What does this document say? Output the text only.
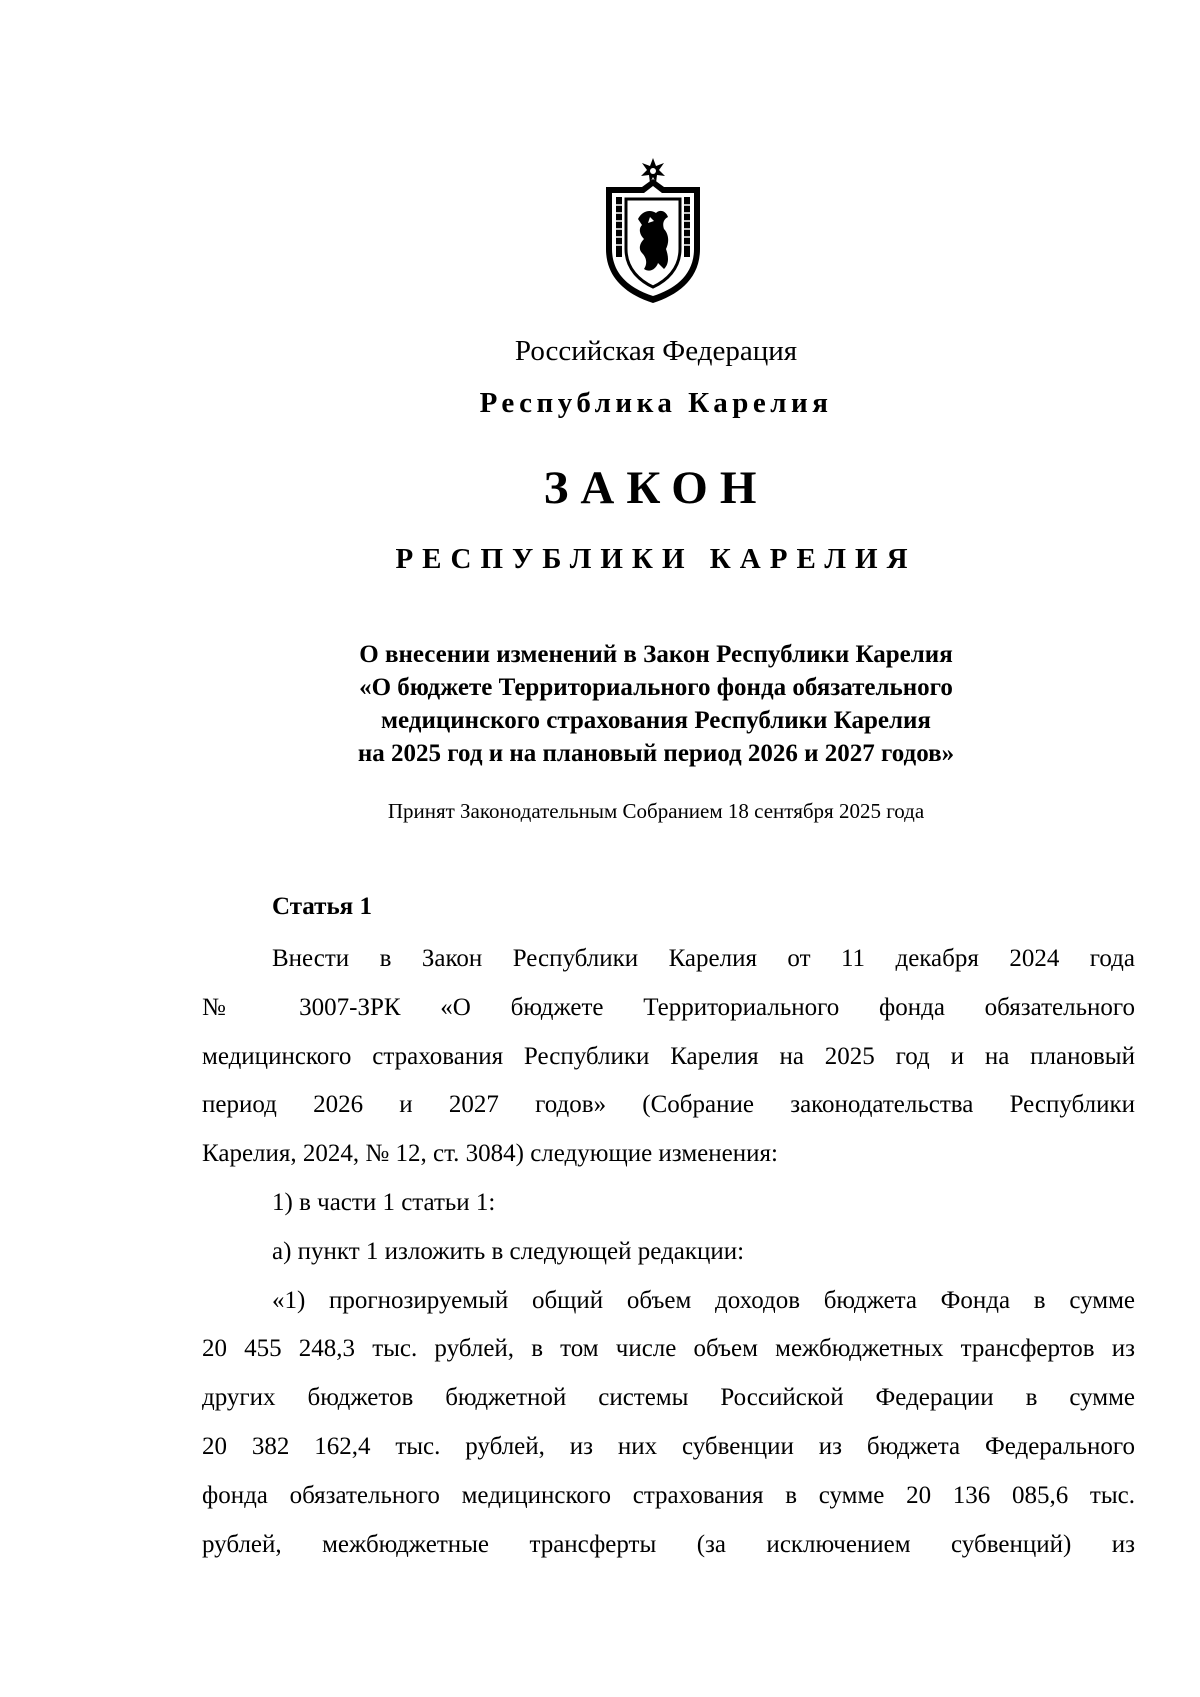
Российская Федерация
Республика Карелия
ЗАКОН
РЕСПУБЛИКИ КАРЕЛИЯ
О внесении изменений в Закон Республики Карелия
«О бюджете Территориального фонда обязательного
медицинского страхования Республики Карелия
на 2025 год и на плановый период 2026 и 2027 годов»
Принят Законодательным Собранием 18 сентября 2025 года
Статья 1
Внести в Закон Республики Карелия от 11 декабря 2024 года
№ 3007-ЗРК «О бюджете Территориального фонда обязательного
медицинского страхования Республики Карелия на 2025 год и на плановый
период 2026 и 2027 годов» (Собрание законодательства Республики
Карелия, 2024, № 12, ст. 3084) следующие изменения:
1) в части 1 статьи 1:
а) пункт 1 изложить в следующей редакции:
«1) прогнозируемый общий объем доходов бюджета Фонда в сумме
20 455 248,3 тыс. рублей, в том числе объем межбюджетных трансфертов из
других бюджетов бюджетной системы Российской Федерации в сумме
20 382 162,4 тыс. рублей, из них субвенции из бюджета Федерального
фонда обязательного медицинского страхования в сумме 20 136 085,6 тыс.
рублей, межбюджетные трансферты (за исключением субвенций) из
